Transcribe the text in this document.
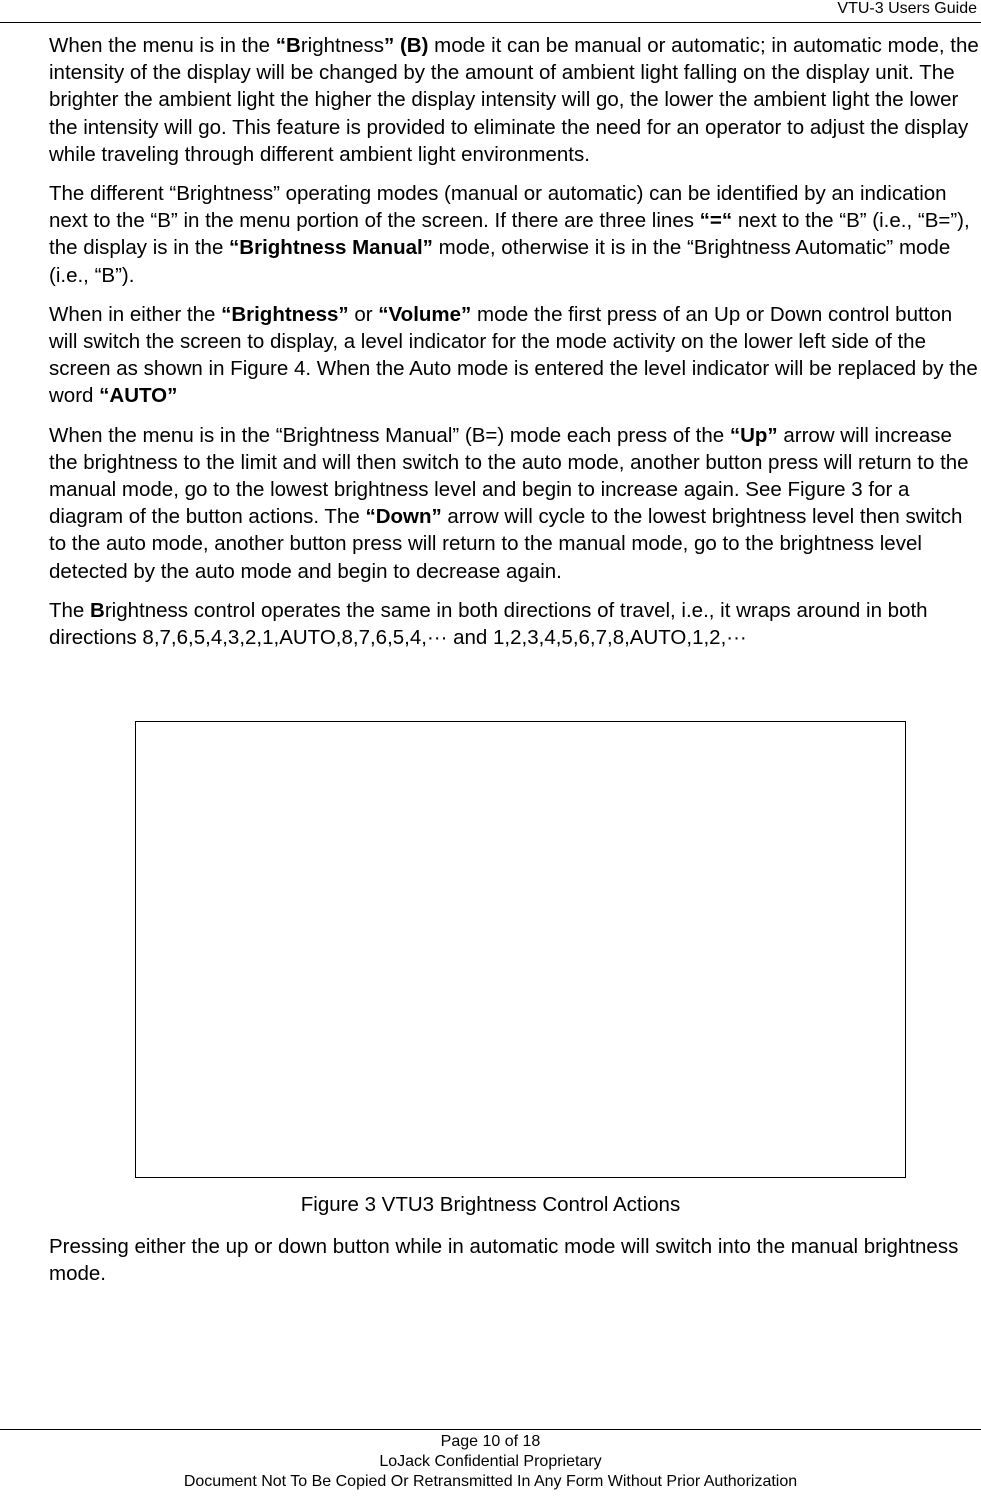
VTU-3 Users Guide

When the menu is in the “Brightness” (B) mode it can be manual or automatic; in automatic mode, the intensity of the display will be changed by the amount of ambient light falling on the display unit. The brighter the ambient light the higher the display intensity will go, the lower the ambient light the lower the intensity will go. This feature is provided to eliminate the need for an operator to adjust the display while traveling through different ambient light environments.

The different “Brightness” operating modes (manual or automatic) can be identified by an indication next to the “B” in the menu portion of the screen. If there are three lines “=“ next to the “B” (i.e., “B=”), the display is in the “Brightness Manual” mode, otherwise it is in the “Brightness Automatic” mode (i.e., “B”).

When in either the “Brightness” or “Volume” mode the first press of an Up or Down control button will switch the screen to display, a level indicator for the mode activity on the lower left side of the screen as shown in Figure 4. When the Auto mode is entered the level indicator will be replaced by the word “AUTO”

When the menu is in the “Brightness Manual” (B=) mode each press of the “Up” arrow will increase the brightness to the limit and will then switch to the auto mode, another button press will return to the manual mode, go to the lowest brightness level and begin to increase again. See Figure 3 for a diagram of the button actions. The “Down” arrow will cycle to the lowest brightness level then switch to the auto mode, another button press will return to the manual mode, go to the brightness level detected by the auto mode and begin to decrease again.

The Brightness control operates the same in both directions of travel, i.e., it wraps around in both directions 8,7,6,5,4,3,2,1,AUTO,8,7,6,5,4,··· and 1,2,3,4,5,6,7,8,AUTO,1,2,···

Figure 3 VTU3 Brightness Control Actions
Pressing either the up or down button while in automatic mode will switch into the manual brightness mode.
Page 10 of 18
LoJack Confidential Proprietary
Document Not To Be Copied Or Retransmitted In Any Form Without Prior Authorization
